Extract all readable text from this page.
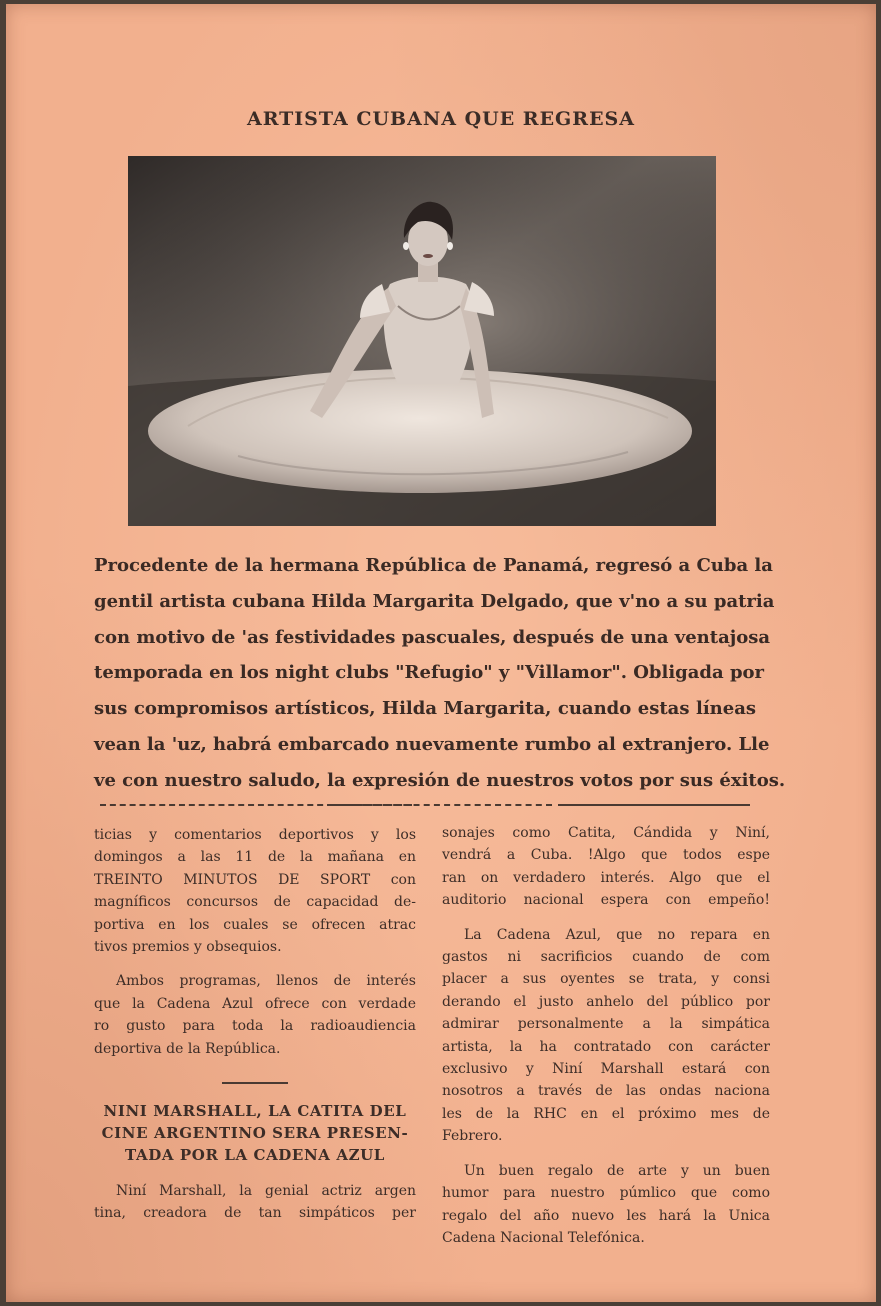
ARTISTA CUBANA QUE REGRESA
Procedente de la hermana República de Panamá, regresó a Cuba la
gentil artista cubana Hilda Margarita Delgado, que v'no a su patria
con motivo de 'as festividades pascuales, después de una ventajosa
temporada en los night clubs "Refugio" y "Villamor". Obligada por
sus compromisos artísticos, Hilda Margarita, cuando estas líneas
vean la 'uz, habrá embarcado nuevamente rumbo al extranjero. Lle
ve con nuestro saludo, la expresión de nuestros votos por sus éxitos.

ticias y comentarios deportivos y los
domingos a las 11 de la mañana en
TREINTO MINUTOS DE SPORT con
magníficos concursos de capacidad de-
portiva en los cuales se ofrecen atrac
tivos premios y obsequios.

Ambos programas, llenos de interés
que la Cadena Azul ofrece con verdade
ro gusto para toda la radioaudiencia
deportiva de la República.

NINI MARSHALL, LA CATITA DEL
CINE ARGENTINO SERA PRESEN-
TADA POR LA CADENA AZUL

Niní Marshall, la genial actriz argen
tina, creadora de tan simpáticos per

sonajes como Catita, Cándida y Niní,
vendrá a Cuba. !Algo que todos espe
ran on verdadero interés. Algo que el
auditorio nacional espera con empeño!

La Cadena Azul, que no repara en
gastos ni sacrificios cuando de com
placer a sus oyentes se trata, y consi
derando el justo anhelo del público por
admirar personalmente a la simpática
artista, la ha contratado con carácter
exclusivo y Niní Marshall estará con
nosotros a través de las ondas naciona
les de la RHC en el próximo mes de
Febrero.

Un buen regalo de arte y un buen
humor para nuestro púmlico que como
regalo del año nuevo les hará la Unica
Cadena Nacional Telefónica.
